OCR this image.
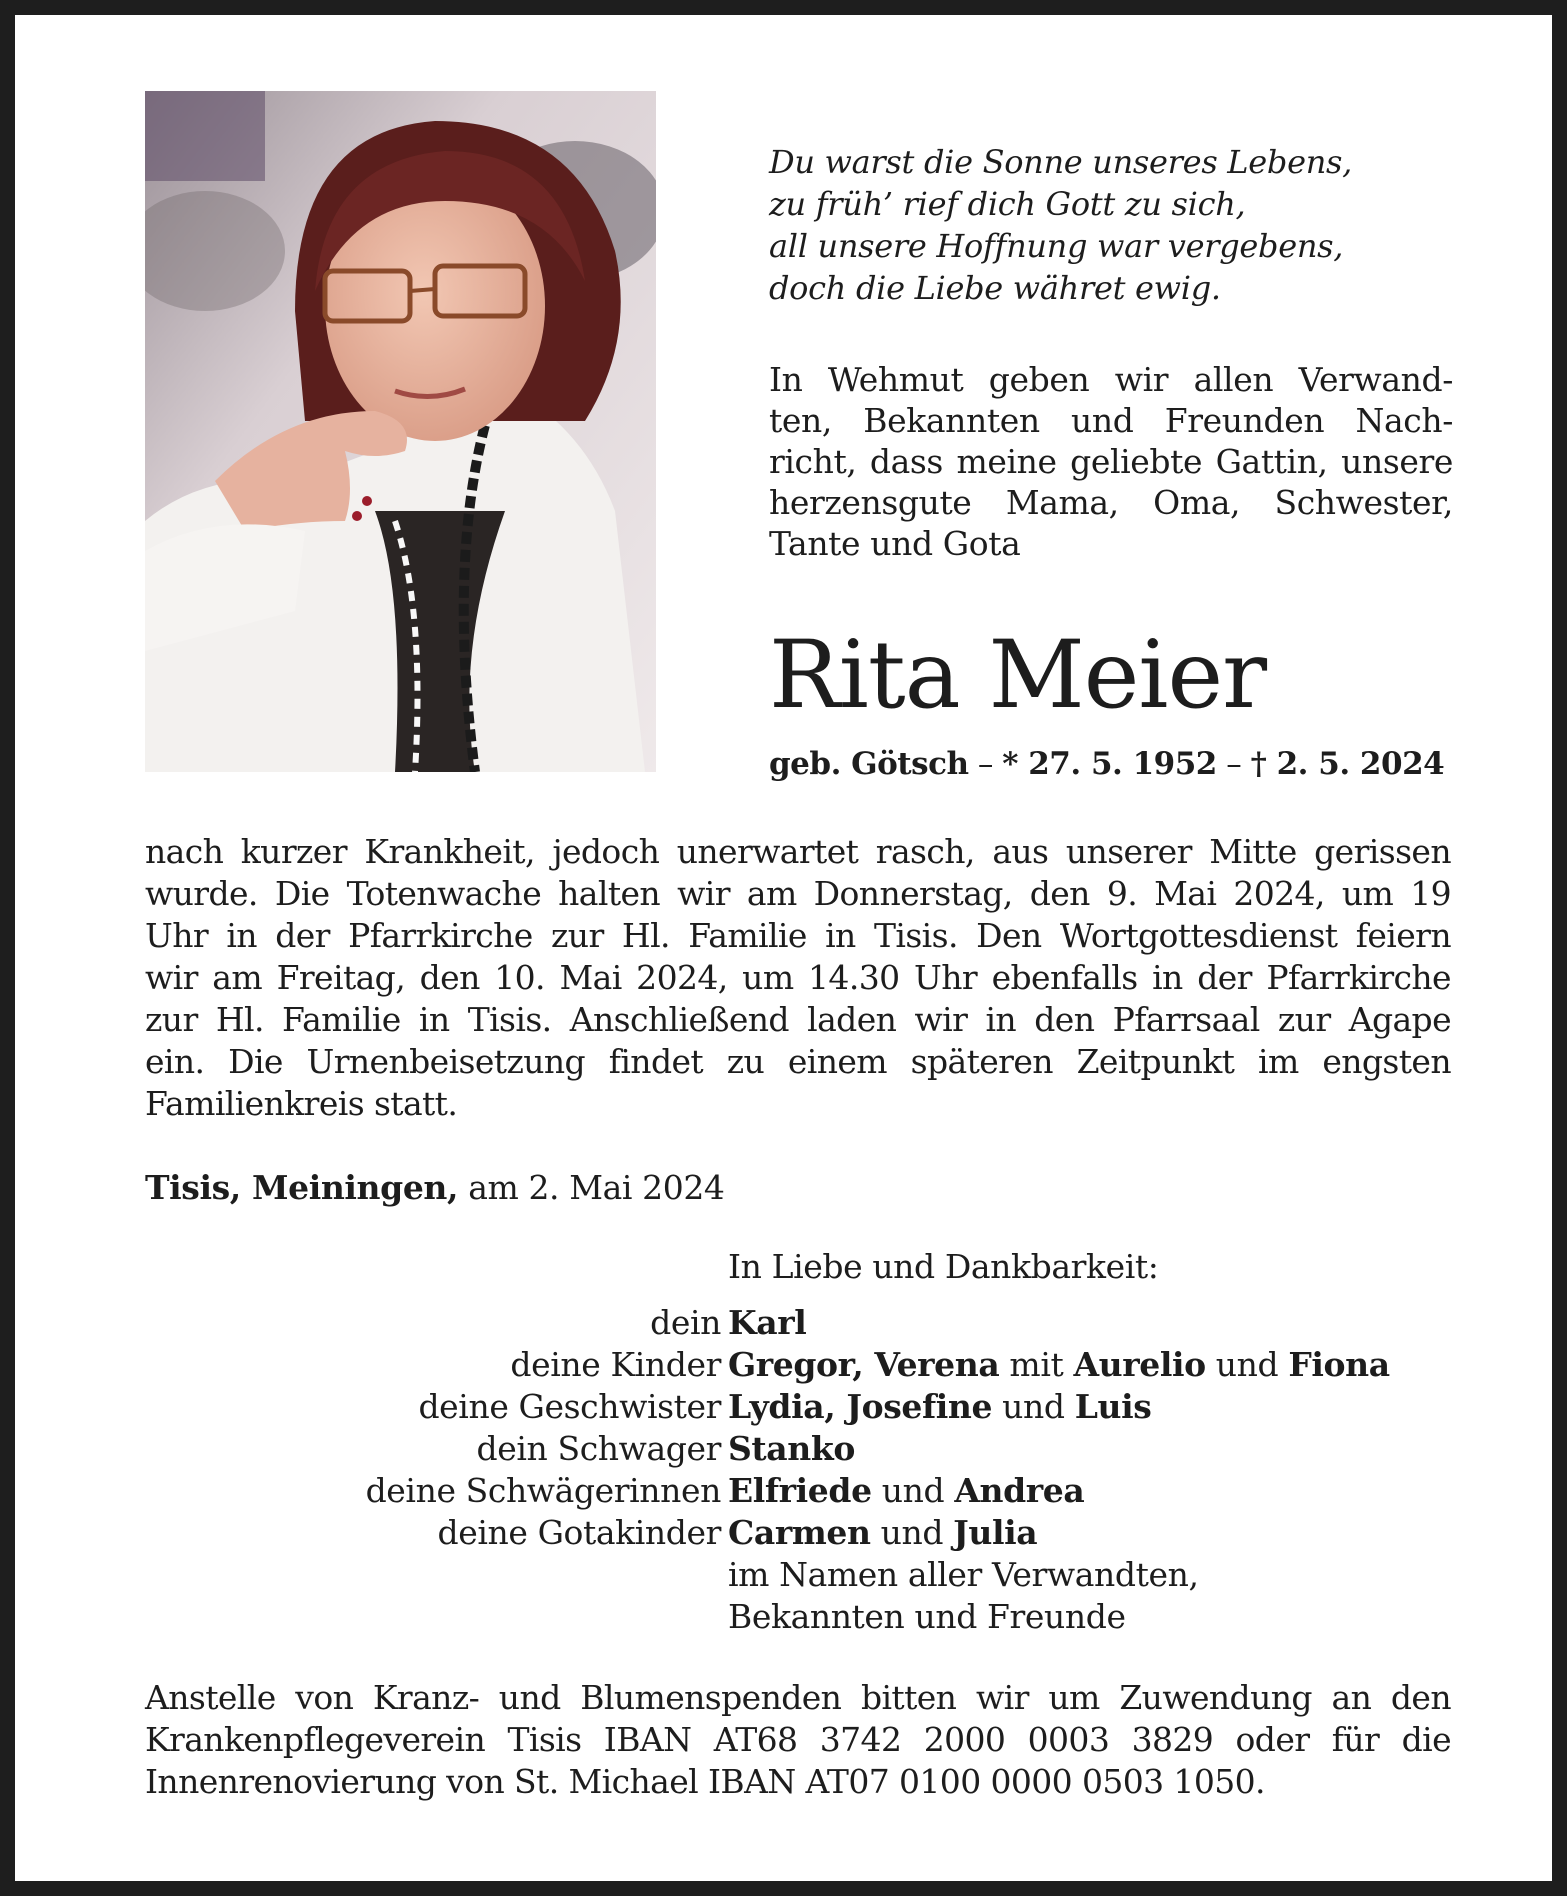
Du warst die Sonne unseres Lebens,
zu früh’ rief dich Gott zu sich,
all unsere Hoffnung war vergebens,
doch die Liebe währet ewig.
In Wehmut geben wir allen Verwand-
ten, Bekannten und Freunden Nach-
richt, dass meine geliebte Gattin, unsere
herzensgute Mama, Oma, Schwester,
Tante und Gota
Rita Meier
geb. Götsch – * 27. 5. 1952 – † 2. 5. 2024
nach kurzer Krankheit, jedoch unerwartet rasch, aus unserer Mitte gerissen
wurde. Die Totenwache halten wir am Donnerstag, den 9. Mai 2024, um 19
Uhr in der Pfarrkirche zur Hl. Familie in Tisis. Den Wortgottesdienst feiern
wir am Freitag, den 10. Mai 2024, um 14.30 Uhr ebenfalls in der Pfarrkirche
zur Hl. Familie in Tisis. Anschließend laden wir in den Pfarrsaal zur Agape
ein. Die Urnenbeisetzung findet zu einem späteren Zeitpunkt im engsten
Familienkreis statt.
Tisis, Meiningen, am 2. Mai 2024
In Liebe und Dankbarkeit:
dein Karl
deine Kinder Gregor, Verena mit Aurelio und Fiona
deine Geschwister Lydia, Josefine und Luis
dein Schwager Stanko
deine Schwägerinnen Elfriede und Andrea
deine Gotakinder Carmen und Julia
im Namen aller Verwandten,
Bekannten und Freunde
Anstelle von Kranz- und Blumenspenden bitten wir um Zuwendung an den
Krankenpflegeverein Tisis IBAN AT68 3742 2000 0003 3829 oder für die
Innenrenovierung von St. Michael IBAN AT07 0100 0000 0503 1050.
